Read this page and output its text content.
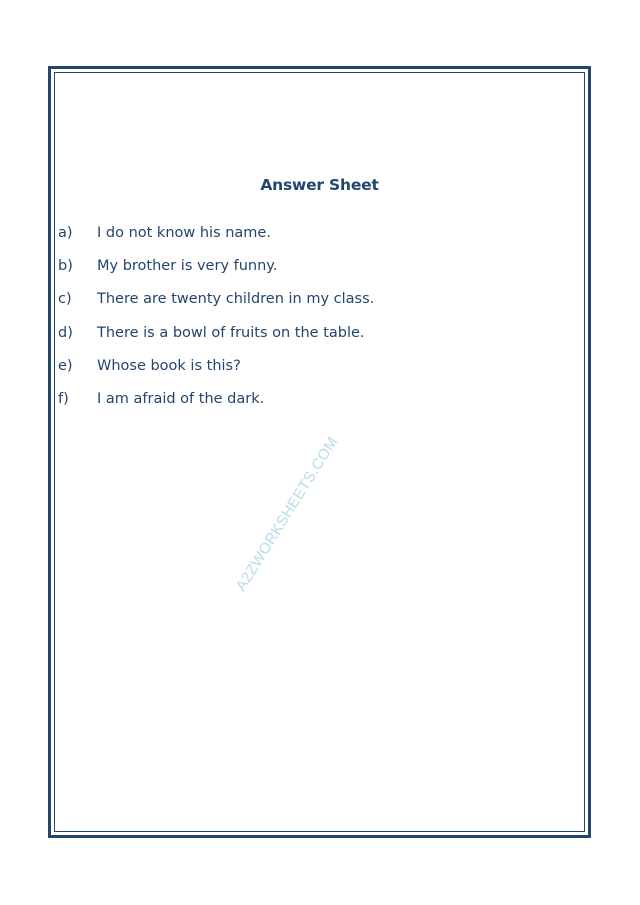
Answer Sheet
a)	I do not know his name.
b)	My brother is very funny.
c)	There are twenty children in my class.
d)	There is a bowl of fruits on the table.
e)	Whose book is this?
f)	I am afraid of the dark.
A2ZWORKSHEETS.COM
